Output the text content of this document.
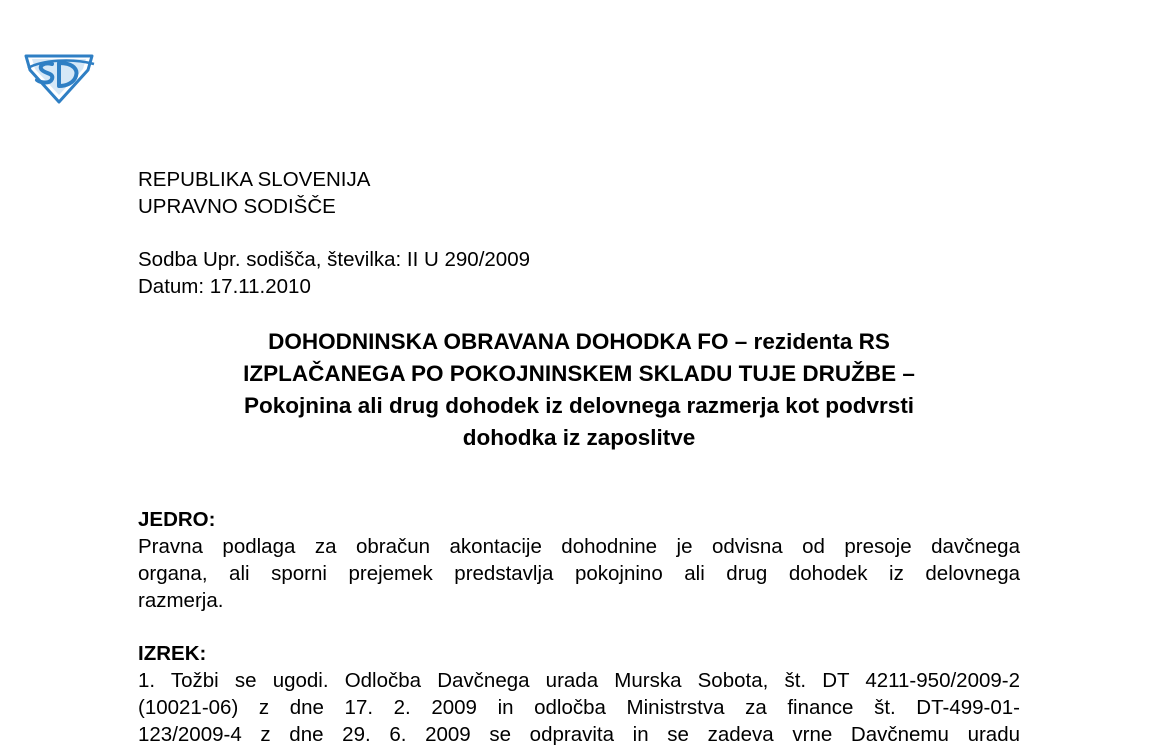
REPUBLIKA SLOVENIJA
UPRAVNO SODIŠČE
Sodba Upr. sodišča, številka: II U 290/2009
Datum: 17.11.2010
DOHODNINSKA OBRAVANA DOHODKA FO – rezidenta RS
IZPLAČANEGA PO POKOJNINSKEM SKLADU TUJE DRUŽBE –
Pokojnina ali drug dohodek iz delovnega razmerja kot podvrsti
dohodka iz zaposlitve
JEDRO:
Pravna podlaga za obračun akontacije dohodnine je odvisna od presoje davčnega
organa, ali sporni prejemek predstavlja pokojnino ali drug dohodek iz delovnega
razmerja.
IZREK:
1. Tožbi se ugodi. Odločba Davčnega urada Murska Sobota, št. DT 4211-950/2009-2
(10021-06) z dne 17. 2. 2009 in odločba Ministrstva za finance št. DT-499-01-
123/2009-4 z dne 29. 6. 2009 se odpravita in se zadeva vrne Davčnemu uradu
